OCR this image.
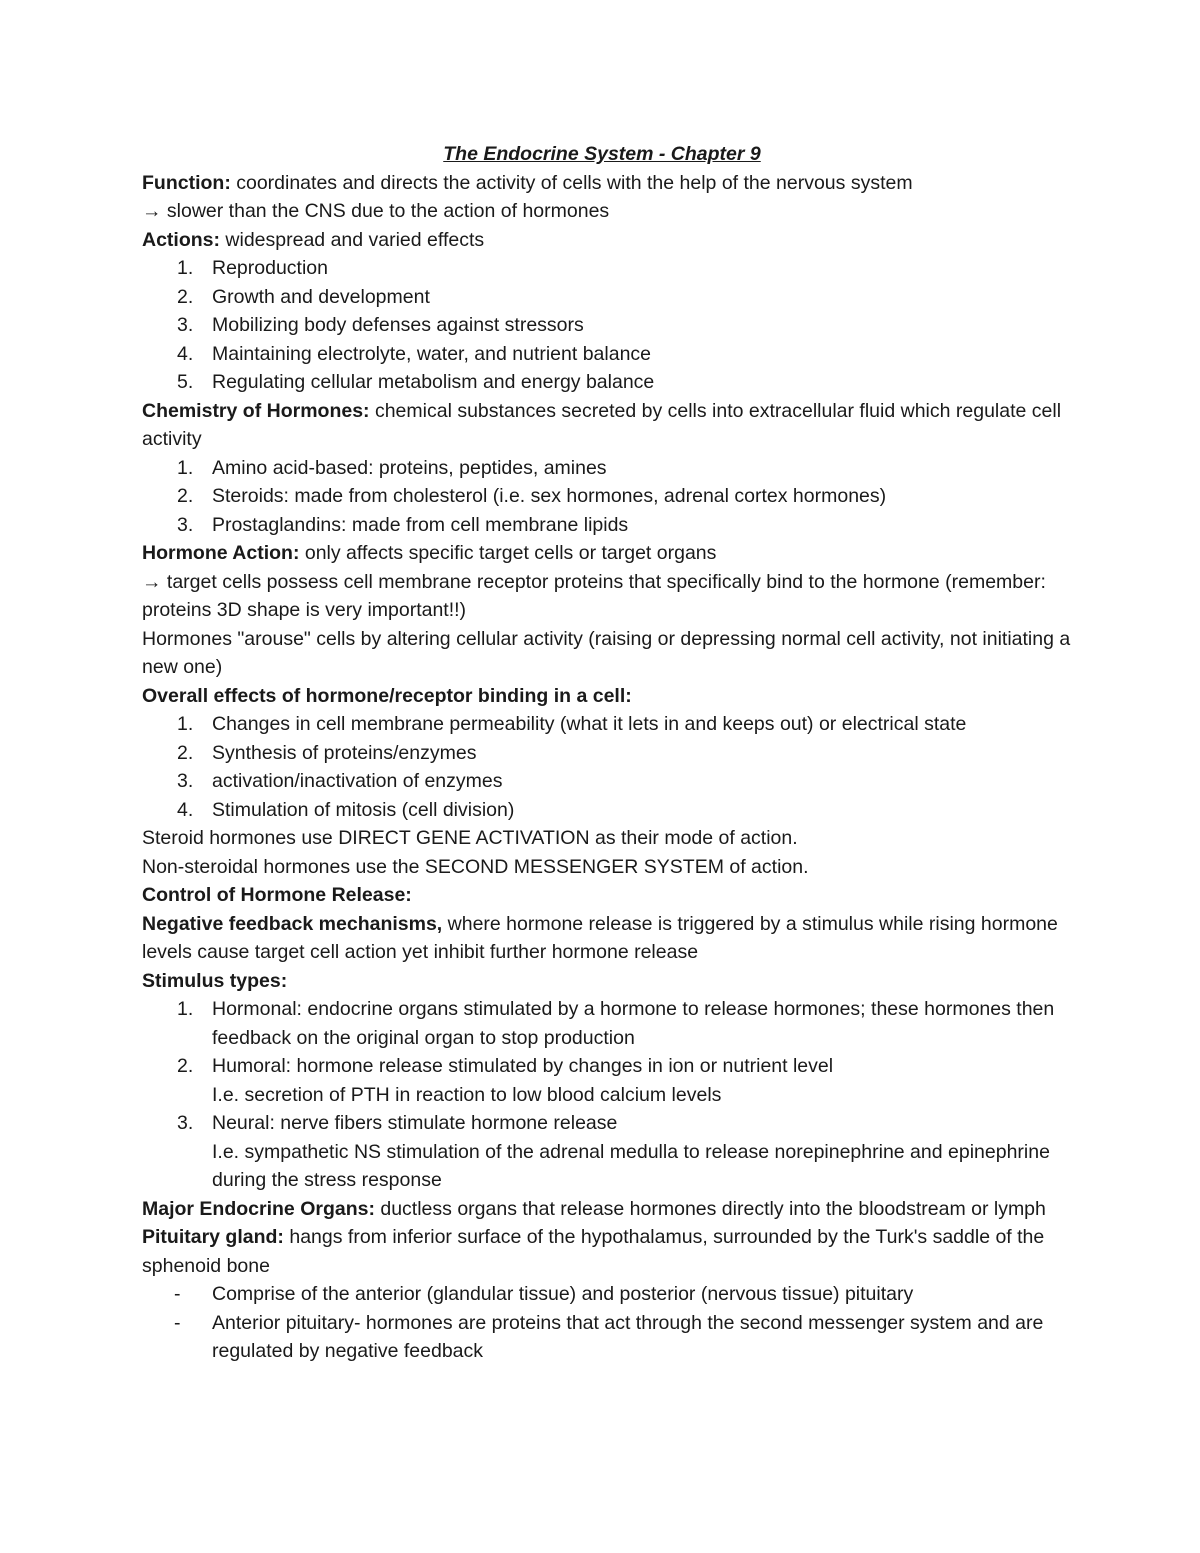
The Endocrine System - Chapter 9

Function: coordinates and directs the activity of cells with the help of the nervous system

→ slower than the CNS due to the action of hormones

Actions: widespread and varied effects

1. Reproduction
2. Growth and development
3. Mobilizing body defenses against stressors
4. Maintaining electrolyte, water, and nutrient balance
5. Regulating cellular metabolism and energy balance

Chemistry of Hormones: chemical substances secreted by cells into extracellular fluid which regulate cell activity

1. Amino acid-based: proteins, peptides, amines
2. Steroids: made from cholesterol (i.e. sex hormones, adrenal cortex hormones)
3. Prostaglandins: made from cell membrane lipids

Hormone Action: only affects specific target cells or target organs

→ target cells possess cell membrane receptor proteins that specifically bind to the hormone (remember: proteins 3D shape is very important!!)

Hormones "arouse" cells by altering cellular activity (raising or depressing normal cell activity, not initiating a new one)

Overall effects of hormone/receptor binding in a cell:

1. Changes in cell membrane permeability (what it lets in and keeps out) or electrical state
2. Synthesis of proteins/enzymes
3. activation/inactivation of enzymes
4. Stimulation of mitosis (cell division)

Steroid hormones use DIRECT GENE ACTIVATION as their mode of action.

Non-steroidal hormones use the SECOND MESSENGER SYSTEM of action.

Control of Hormone Release:

Negative feedback mechanisms, where hormone release is triggered by a stimulus while rising hormone levels cause target cell action yet inhibit further hormone release

Stimulus types:

1. Hormonal: endocrine organs stimulated by a hormone to release hormones; these hormones then feedback on the original organ to stop production
2. Humoral: hormone release stimulated by changes in ion or nutrient level
I.e. secretion of PTH in reaction to low blood calcium levels
3. Neural: nerve fibers stimulate hormone release
I.e. sympathetic NS stimulation of the adrenal medulla to release norepinephrine and epinephrine during the stress response

Major Endocrine Organs: ductless organs that release hormones directly into the bloodstream or lymph

Pituitary gland: hangs from inferior surface of the hypothalamus, surrounded by the Turk's saddle of the sphenoid bone

- Comprise of the anterior (glandular tissue) and posterior (nervous tissue) pituitary
- Anterior pituitary- hormones are proteins that act through the second messenger system and are regulated by negative feedback
